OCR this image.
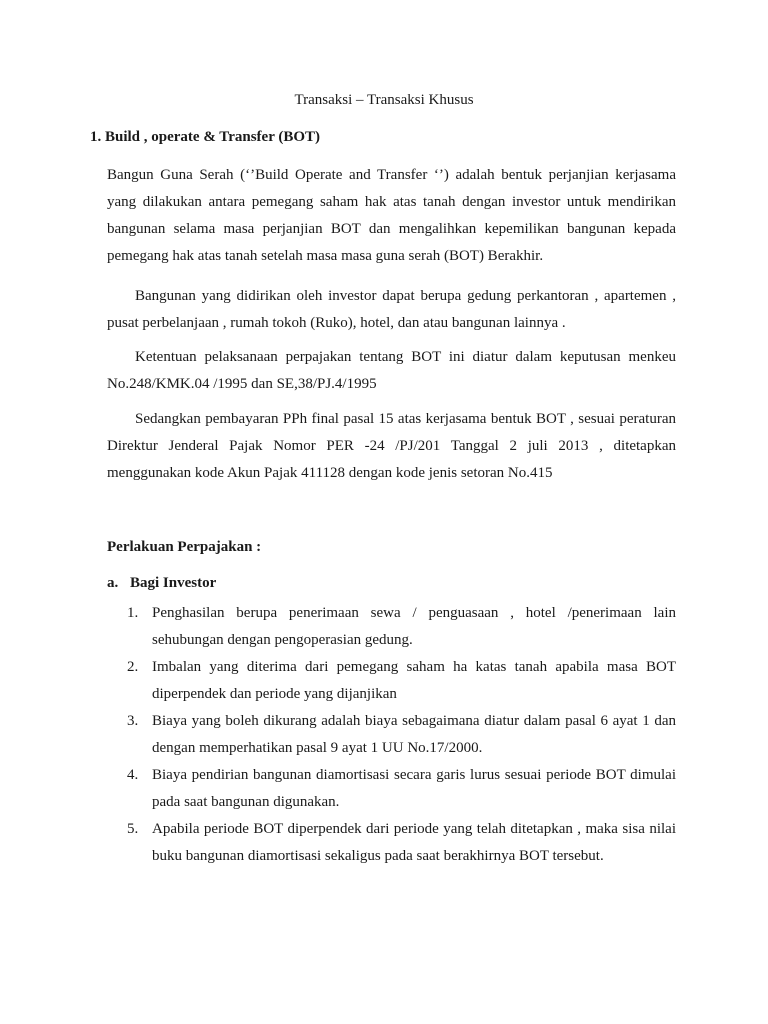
Transaksi – Transaksi Khusus
1. Build , operate & Transfer (BOT)

Bangun Guna Serah (‘’Build Operate and Transfer ‘’) adalah bentuk perjanjian kerjasama yang dilakukan antara pemegang saham hak atas tanah dengan investor untuk mendirikan bangunan selama masa perjanjian BOT dan mengalihkan kepemilikan bangunan kepada pemegang hak atas tanah setelah masa masa guna serah (BOT) Berakhir.

Bangunan yang didirikan oleh investor dapat berupa gedung perkantoran , apartemen , pusat perbelanjaan , rumah tokoh (Ruko), hotel, dan atau bangunan lainnya .

Ketentuan pelaksanaan perpajakan tentang BOT ini diatur dalam keputusan menkeu No.248/KMK.04 /1995 dan SE,38/PJ.4/1995

Sedangkan pembayaran PPh final pasal 15 atas kerjasama bentuk BOT , sesuai peraturan Direktur Jenderal Pajak Nomor PER -24 /PJ/201 Tanggal 2 juli 2013 , ditetapkan menggunakan kode Akun Pajak 411128 dengan kode jenis setoran No.415

Perlakuan Perpajakan :
a. Bagi Investor
1. Penghasilan berupa penerimaan sewa / penguasaan , hotel /penerimaan lain sehubungan dengan pengoperasian gedung.
2. Imbalan yang diterima dari pemegang saham ha katas tanah apabila masa BOT diperpendek dan periode yang dijanjikan
3. Biaya yang boleh dikurang adalah biaya sebagaimana diatur dalam pasal 6 ayat 1 dan dengan memperhatikan pasal 9 ayat 1 UU No.17/2000.
4. Biaya pendirian bangunan diamortisasi secara garis lurus sesuai periode BOT dimulai pada saat bangunan digunakan.
5. Apabila periode BOT diperpendek dari periode yang telah ditetapkan , maka sisa nilai buku bangunan diamortisasi sekaligus pada saat berakhirnya BOT tersebut.
